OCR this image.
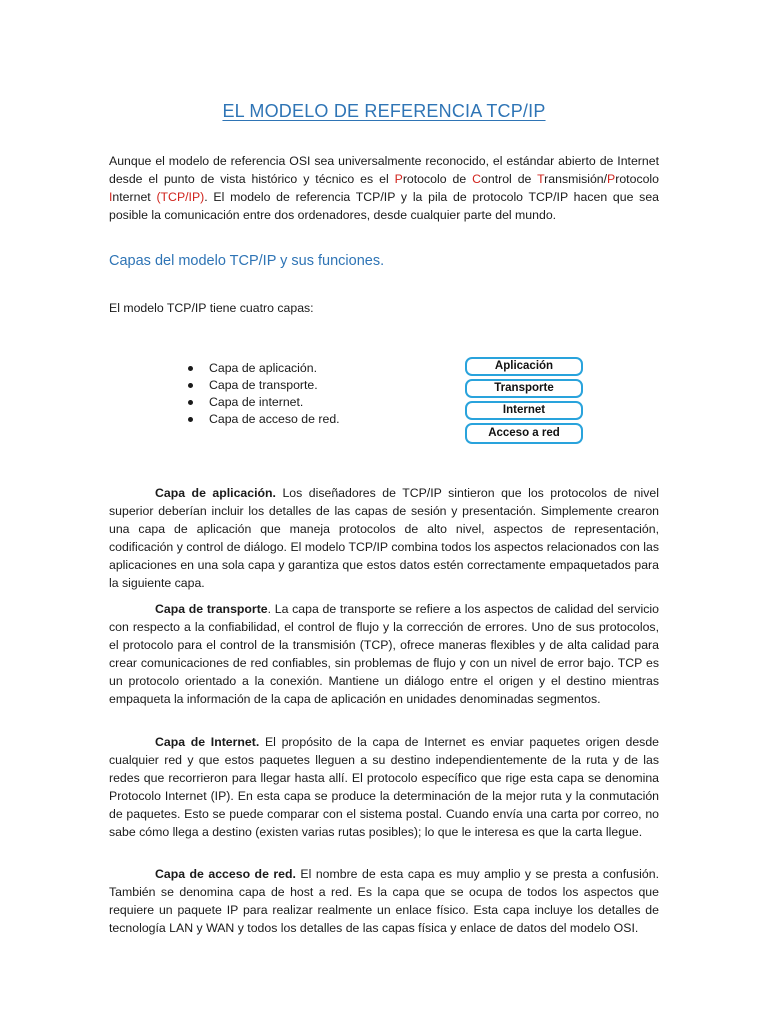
EL MODELO DE REFERENCIA TCP/IP
Aunque el modelo de referencia OSI sea universalmente reconocido, el estándar abierto de Internet desde el punto de vista histórico y técnico es el Protocolo de Control de Transmisión/Protocolo Internet (TCP/IP). El modelo de referencia TCP/IP y la pila de protocolo TCP/IP hacen que sea posible la comunicación entre dos ordenadores, desde cualquier parte del mundo.
Capas del modelo TCP/IP y sus funciones.
El modelo TCP/IP tiene cuatro capas:
Capa de aplicación.
Capa de transporte.
Capa de internet.
Capa de acceso de red.
Aplicación
Transporte
Internet
Acceso a red
Capa de aplicación. Los diseñadores de TCP/IP sintieron que los protocolos de nivel superior deberían incluir los detalles de las capas de sesión y presentación. Simplemente crearon una capa de aplicación que maneja protocolos de alto nivel, aspectos de representación, codificación y control de diálogo. El modelo TCP/IP combina todos los aspectos relacionados con las aplicaciones en una sola capa y garantiza que estos datos estén correctamente empaquetados para la siguiente capa.
Capa de transporte. La capa de transporte se refiere a los aspectos de calidad del servicio con respecto a la confiabilidad, el control de flujo y la corrección de errores. Uno de sus protocolos, el protocolo para el control de la transmisión (TCP), ofrece maneras flexibles y de alta calidad para crear comunicaciones de red confiables, sin problemas de flujo y con un nivel de error bajo. TCP es un protocolo orientado a la conexión. Mantiene un diálogo entre el origen y el destino mientras empaqueta la información de la capa de aplicación en unidades denominadas segmentos.
Capa de Internet. El propósito de la capa de Internet es enviar paquetes origen desde cualquier red y que estos paquetes lleguen a su destino independientemente de la ruta y de las redes que recorrieron para llegar hasta allí. El protocolo específico que rige esta capa se denomina Protocolo Internet (IP). En esta capa se produce la determinación de la mejor ruta y la conmutación de paquetes. Esto se puede comparar con el sistema postal. Cuando envía una carta por correo, no sabe cómo llega a destino (existen varias rutas posibles); lo que le interesa es que la carta llegue.
Capa de acceso de red. El nombre de esta capa es muy amplio y se presta a confusión. También se denomina capa de host a red. Es la capa que se ocupa de todos los aspectos que requiere un paquete IP para realizar realmente un enlace físico. Esta capa incluye los detalles de tecnología LAN y WAN y todos los detalles de las capas física y enlace de datos del modelo OSI.
